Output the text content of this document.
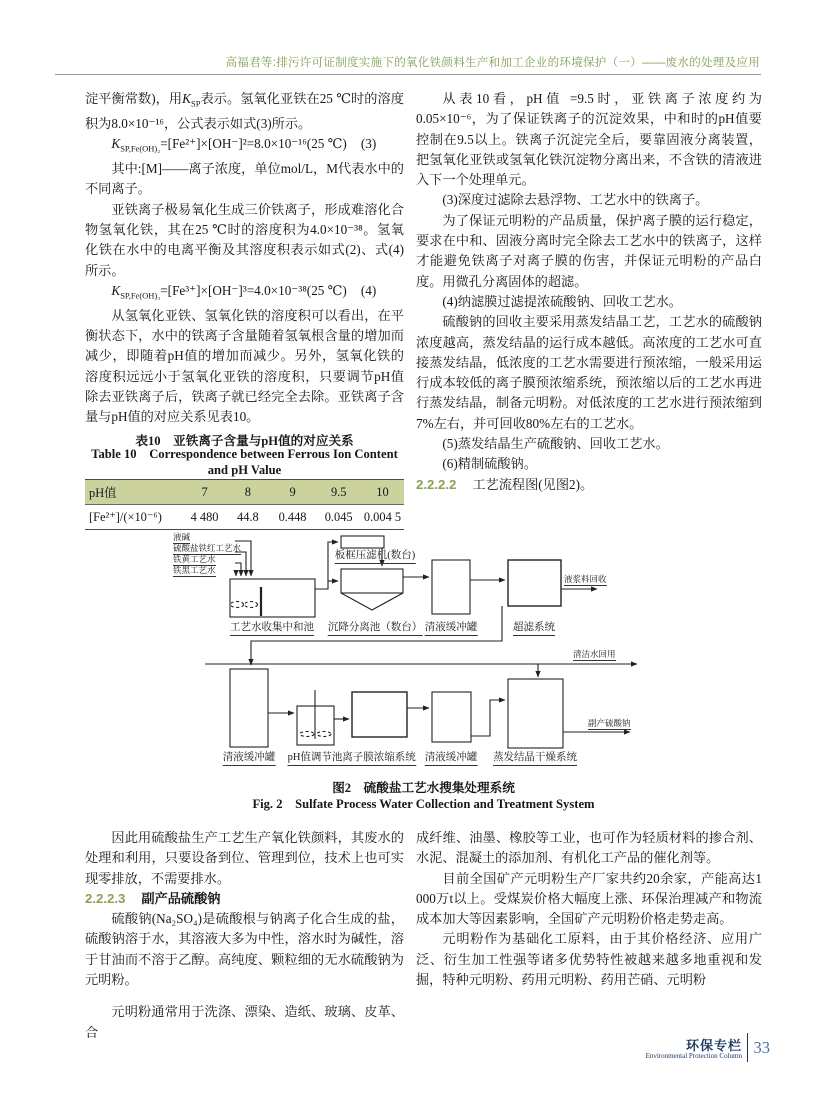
高福君等:排污许可证制度实施下的氧化铁颜料生产和加工企业的环境保护（一）——废水的处理及应用

淀平衡常数)，用$K_{SP}$表示。氢氧化亚铁在25 ℃时的溶度积为8.0×10⁻¹⁶，公式表示如式(3)所示。

$K_{SP,Fe(OH)_2}=[Fe^{2+}]\times[OH^-]^2=8.0\times 10^{-16}(25$ ℃) (3)

其中:[M]——离子浓度，单位mol/L，M代表水中的不同离子。

亚铁离子极易氧化生成三价铁离子，形成难溶化合物氢氧化铁，其在25 ℃时的溶度积为4.0×10⁻³⁸。氢氧化铁在水中的电离平衡及其溶度积表示如式(2)、式(4)所示。

$K_{SP,Fe(OH)_3}=[Fe^{3+}]\times[OH^-]^3=4.0\times 10^{-38}(25$ ℃) (4)

从氢氧化亚铁、氢氧化铁的溶度积可以看出，在平衡状态下，水中的铁离子含量随着氢氧根含量的增加而减少，即随着pH值的增加而减少。另外，氢氧化铁的溶度积远远小于氢氧化亚铁的溶度积，只要调节pH值除去亚铁离子后，铁离子就已经完全去除。亚铁离子含量与pH值的对应关系见表10。

表10　亚铁离子含量与pH值的对应关系
Table 10　Correspondence between Ferrous Ion Content
and pH Value
pH值	7	8	9	9.5	10
[Fe²⁺]/(×10⁻⁶)	4 480	44.8	0.448	0.045	0.004 5

从表10看，pH值 =9.5时，亚铁离子浓度约为0.05×10⁻⁶，为了保证铁离子的沉淀效果，中和时的pH值要控制在9.5以上。铁离子沉淀完全后，要靠固液分离装置，把氢氧化亚铁或氢氧化铁沉淀物分离出来，不含铁的清液进入下一个处理单元。

(3)深度过滤除去悬浮物、工艺水中的铁离子。

为了保证元明粉的产品质量，保护离子膜的运行稳定，要求在中和、固液分离时完全除去工艺水中的铁离子，这样才能避免铁离子对离子膜的伤害，并保证元明粉的产品白度。用微孔分离固体的超滤。

(4)纳滤膜过滤提浓硫酸钠、回收工艺水。

硫酸钠的回收主要采用蒸发结晶工艺，工艺水的硫酸钠浓度越高，蒸发结晶的运行成本越低。高浓度的工艺水可直接蒸发结晶，低浓度的工艺水需要进行预浓缩，一般采用运行成本较低的离子膜预浓缩系统，预浓缩以后的工艺水再进行蒸发结晶，制备元明粉。对低浓度的工艺水进行预浓缩到7%左右，并可回收80%左右的工艺水。

(5)蒸发结晶生产硫酸钠、回收工艺水。

(6)精制硫酸钠。

2.2.2.2 工艺流程图(见图2)。

液碱
硫酸盐铁红工艺水
铁黄工艺水
铁黑工艺水
工艺水收集中和池
板框压滤机(数台)
沉降分离池（数台） 清液缓冲罐	超滤系统
液浆料回收
清液缓冲罐 pH值调节池 离子膜浓缩系统 清液缓冲罐 蒸发结晶干燥系统
清洁水回用
副产硫酸钠
图2　硫酸盐工艺水搜集处理系统
Fig. 2　Sulfate Process Water Collection and Treatment System

因此用硫酸盐生产工艺生产氧化铁颜料，其废水的处理和利用，只要设备到位、管理到位，技术上也可实现零排放，不需要排水。

2.2.2.3 副产品硫酸钠

硫酸钠(Na₂SO₄)是硫酸根与钠离子化合生成的盐，硫酸钠溶于水，其溶液大多为中性，溶水时为碱性，溶于甘油而不溶于乙醇。高纯度、颗粒细的无水硫酸钠为元明粉。

元明粉通常用于洗涤、漂染、造纸、玻璃、皮革、合

成纤维、油墨、橡胶等工业，也可作为轻质材料的掺合剂、水泥、混凝土的添加剂、有机化工产品的催化剂等。

目前全国矿产元明粉生产厂家共约20余家，产能高达1 000万t以上。受煤炭价格大幅度上涨、环保治理减产和物流成本加大等因素影响，全国矿产元明粉价格走势走高。

元明粉作为基础化工原料，由于其价格经济、应用广泛、衍生加工性强等诸多优势特性被越来越多地重视和发掘，特种元明粉、药用元明粉、药用芒硝、元明粉

环保专栏
Environmental Protection Column 33
